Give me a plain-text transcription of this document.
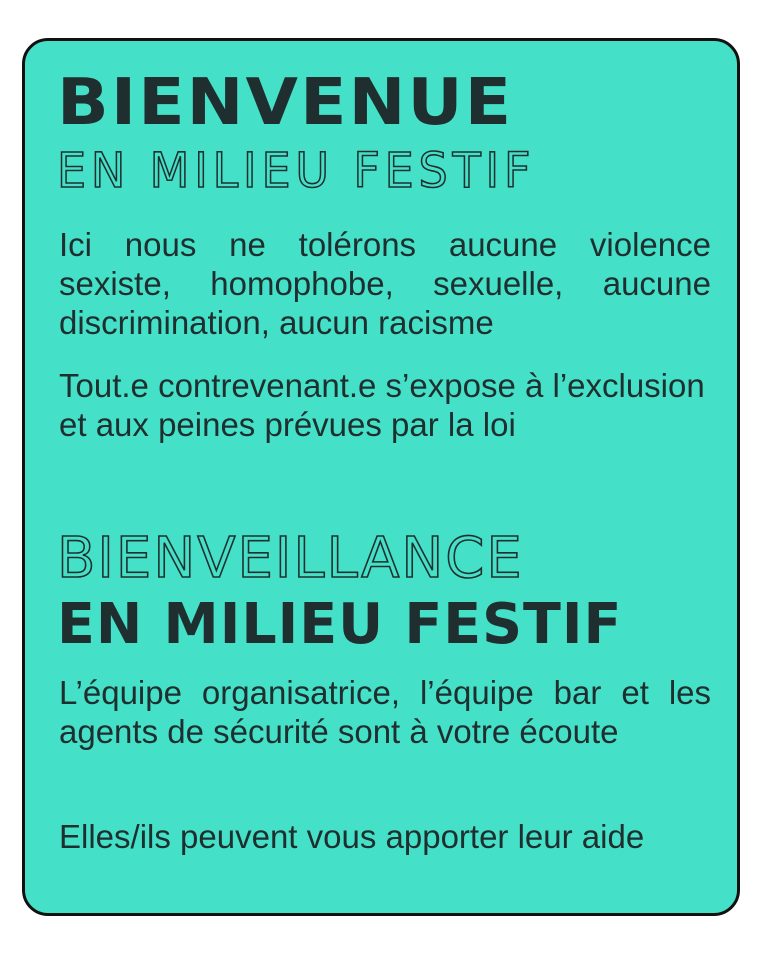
BIENVENUE
EN MILIEU FESTIF

Ici nous ne tolérons aucune violence sexiste, homophobe, sexuelle, aucune discrimination, aucun racisme

Tout.e contrevenant.e s’expose à l’exclusion et aux peines prévues par la loi

BIENVEILLANCE
EN MILIEU FESTIF

L’équipe organisatrice, l’équipe bar et les agents de sécurité sont à votre écoute

Elles/ils peuvent vous apporter leur aide
